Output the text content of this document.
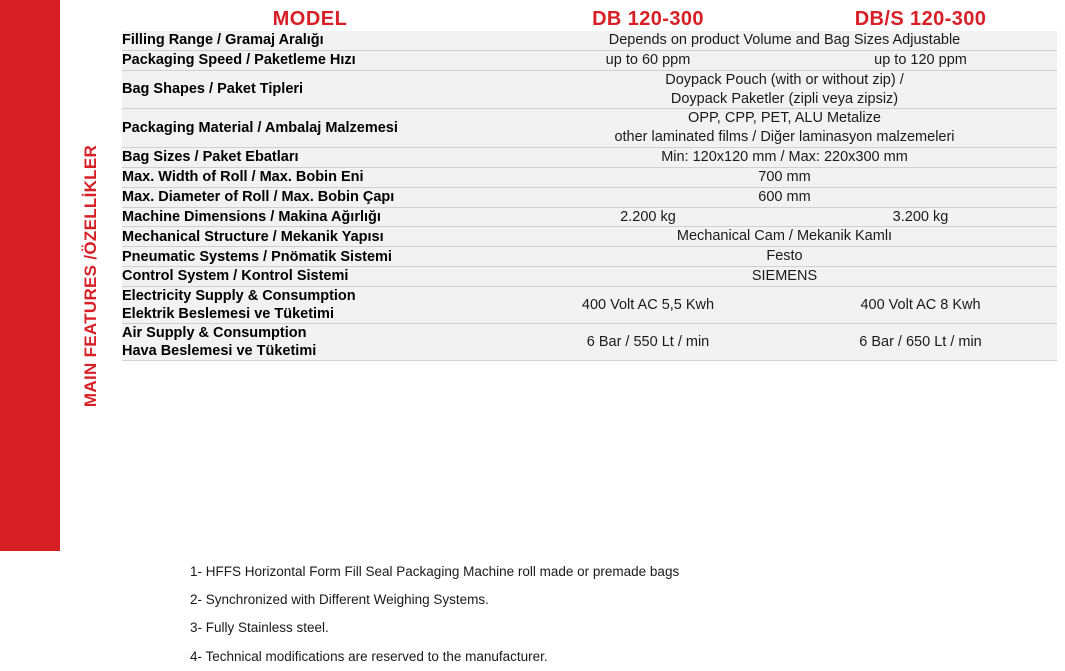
MAIN FEATURES /ÖZELLİKLER
MODEL	DB 120-300	DB/S 120-300
Filling Range / Gramaj Aralığı	Depends on product Volume and Bag Sizes Adjustable	
Packaging Speed / Paketleme Hızı	up to 60 ppm	up to 120 ppm
Bag Shapes / Paket Tipleri	Doypack Pouch (with or without zip) /
Doypack Paketler (zipli veya zipsiz)	

Packaging Material / Ambalaj Malzemesi	OPP, CPP, PET, ALU Metalize
other laminated films / Diğer laminasyon malzemeleri	

Bag Sizes / Paket Ebatları	Min: 120x120 mm / Max: 220x300 mm	
Max. Width of Roll / Max. Bobin Eni	700 mm	
Max. Diameter of Roll / Max. Bobin Çapı	600 mm	
Machine Dimensions / Makina Ağırlığı	2.200 kg	3.200 kg
Mechanical Structure / Mekanik Yapısı	Mechanical Cam / Mekanik Kamlı	
Pneumatic Systems / Pnömatik Sistemi	Festo	
Control System / Kontrol Sistemi	SIEMENS	

Electricity Supply & Consumption
Elektrik Beslemesi ve Tüketimi	400 Volt AC 5,5 Kwh	400 Volt AC 8 Kwh

Air Supply & Consumption
Hava Beslemesi ve Tüketimi	6 Bar / 550 Lt / min	6 Bar / 650 Lt / min
1- HFFS Horizontal Form Fill Seal Packaging Machine roll made or premade bags
2- Synchronized with Different Weighing Systems.
3- Fully Stainless steel.
4- Technical modifications are reserved to the manufacturer.
